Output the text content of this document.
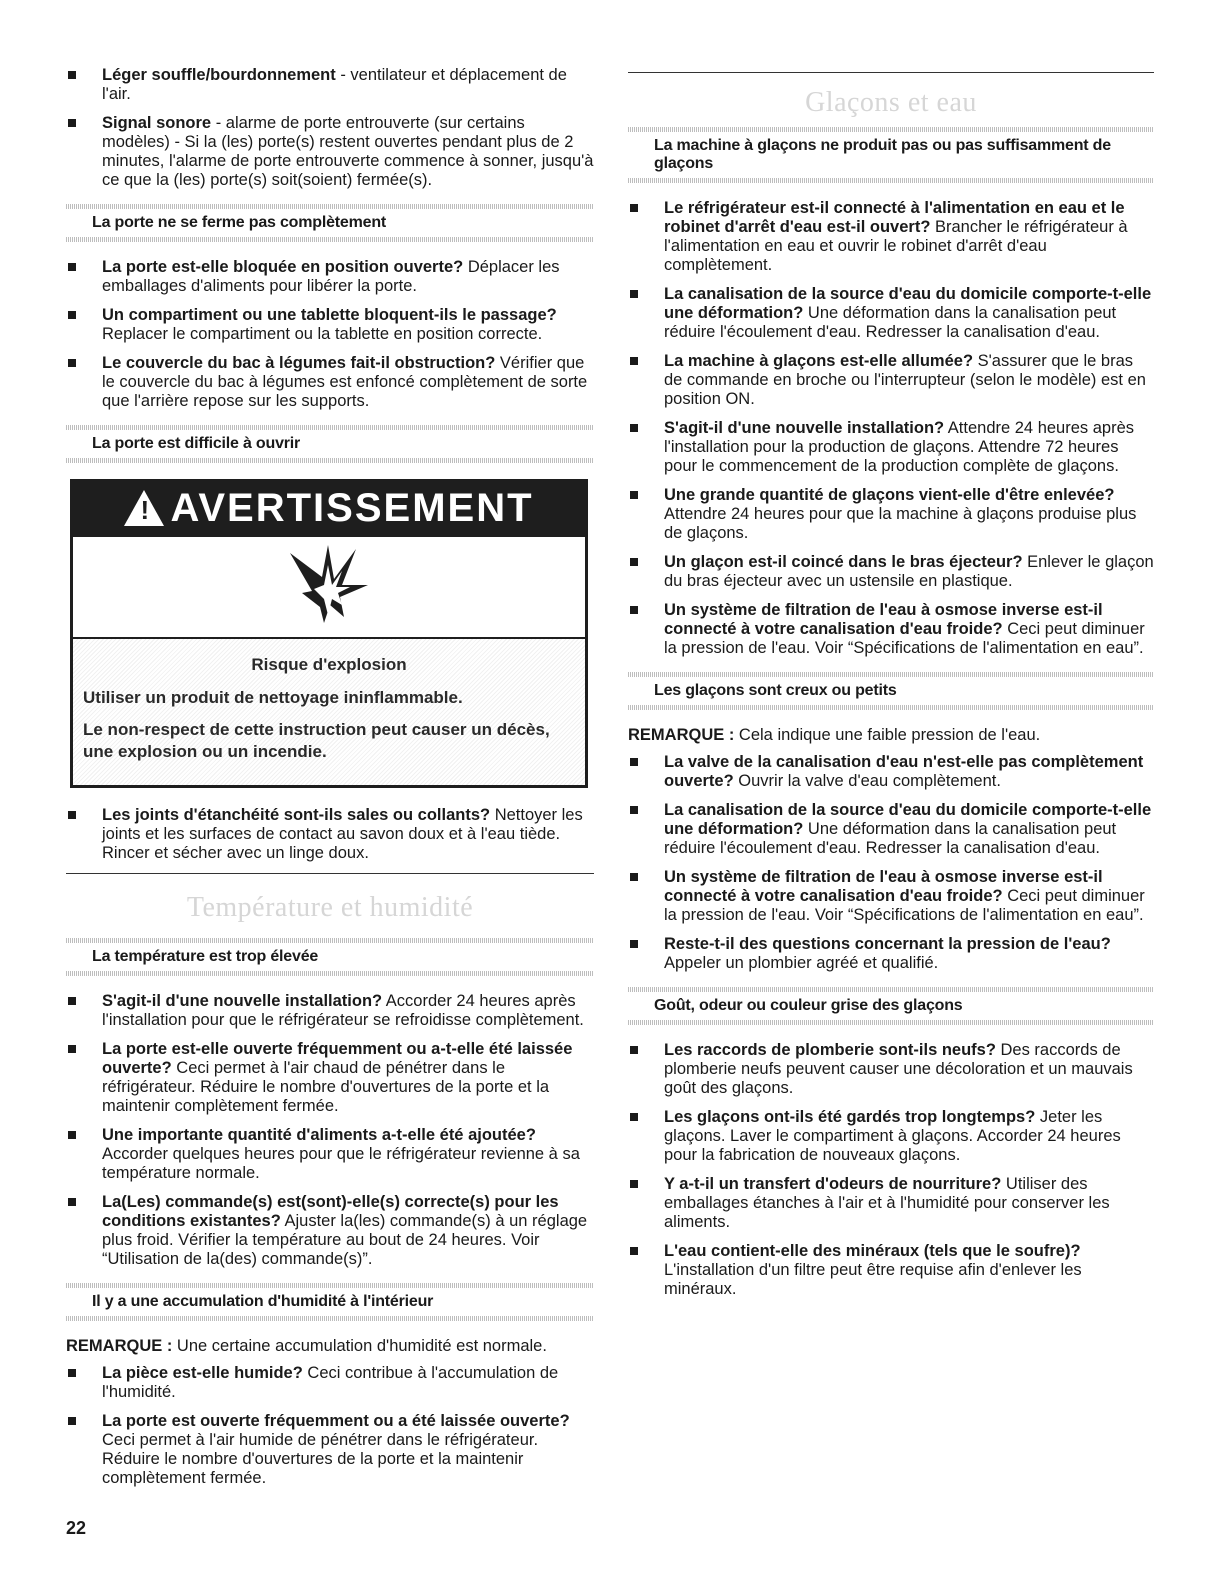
Léger souffle/bourdonnement - ventilateur et déplacement de l'air.
Signal sonore - alarme de porte entrouverte (sur certains modèles) - Si la (les) porte(s) restent ouvertes pendant plus de 2 minutes, l'alarme de porte entrouverte commence à sonner, jusqu'à ce que la (les) porte(s) soit(soient) fermée(s).
La porte ne se ferme pas complètement
La porte est-elle bloquée en position ouverte? Déplacer les emballages d'aliments pour libérer la porte.
Un compartiment ou une tablette bloquent-ils le passage? Replacer le compartiment ou la tablette en position correcte.
Le couvercle du bac à légumes fait-il obstruction? Vérifier que le couvercle du bac à légumes est enfoncé complètement de sorte que l'arrière repose sur les supports.
La porte est difficile à ouvrir
! AVERTISSEMENT
Risque d'explosion
Utiliser un produit de nettoyage ininflammable.
Le non-respect de cette instruction peut causer un décès, une explosion ou un incendie.
Les joints d'étanchéité sont-ils sales ou collants? Nettoyer les joints et les surfaces de contact au savon doux et à l'eau tiède. Rincer et sécher avec un linge doux.
Température et humidité
La température est trop élevée
S'agit-il d'une nouvelle installation? Accorder 24 heures après l'installation pour que le réfrigérateur se refroidisse complètement.
La porte est-elle ouverte fréquemment ou a-t-elle été laissée ouverte? Ceci permet à l'air chaud de pénétrer dans le réfrigérateur. Réduire le nombre d'ouvertures de la porte et la maintenir complètement fermée.
Une importante quantité d'aliments a-t-elle été ajoutée? Accorder quelques heures pour que le réfrigérateur revienne à sa température normale.
La(Les) commande(s) est(sont)-elle(s) correcte(s) pour les conditions existantes? Ajuster la(les) commande(s) à un réglage plus froid. Vérifier la température au bout de 24 heures. Voir “Utilisation de la(des) commande(s)”.
Il y a une accumulation d'humidité à l'intérieur

REMARQUE : Une certaine accumulation d'humidité est normale.

La pièce est-elle humide? Ceci contribue à l'accumulation de l'humidité.
La porte est ouverte fréquemment ou a été laissée ouverte? Ceci permet à l'air humide de pénétrer dans le réfrigérateur. Réduire le nombre d'ouvertures de la porte et la maintenir complètement fermée.
Glaçons et eau
La machine à glaçons ne produit pas ou pas suffisamment de glaçons
Le réfrigérateur est-il connecté à l'alimentation en eau et le robinet d'arrêt d'eau est-il ouvert? Brancher le réfrigérateur à l'alimentation en eau et ouvrir le robinet d'arrêt d'eau complètement.
La canalisation de la source d'eau du domicile comporte-t-elle une déformation? Une déformation dans la canalisation peut réduire l'écoulement d'eau. Redresser la canalisation d'eau.
La machine à glaçons est-elle allumée? S'assurer que le bras de commande en broche ou l'interrupteur (selon le modèle) est en position ON.
S'agit-il d'une nouvelle installation? Attendre 24 heures après l'installation pour la production de glaçons. Attendre 72 heures pour le commencement de la production complète de glaçons.
Une grande quantité de glaçons vient-elle d'être enlevée? Attendre 24 heures pour que la machine à glaçons produise plus de glaçons.
Un glaçon est-il coincé dans le bras éjecteur? Enlever le glaçon du bras éjecteur avec un ustensile en plastique.
Un système de filtration de l'eau à osmose inverse est-il connecté à votre canalisation d'eau froide? Ceci peut diminuer la pression de l'eau. Voir “Spécifications de l'alimentation en eau”.
Les glaçons sont creux ou petits

REMARQUE : Cela indique une faible pression de l'eau.

La valve de la canalisation d'eau n'est-elle pas complètement ouverte? Ouvrir la valve d'eau complètement.
La canalisation de la source d'eau du domicile comporte-t-elle une déformation? Une déformation dans la canalisation peut réduire l'écoulement d'eau. Redresser la canalisation d'eau.
Un système de filtration de l'eau à osmose inverse est-il connecté à votre canalisation d'eau froide? Ceci peut diminuer la pression de l'eau. Voir “Spécifications de l'alimentation en eau”.
Reste-t-il des questions concernant la pression de l'eau? Appeler un plombier agréé et qualifié.
Goût, odeur ou couleur grise des glaçons
Les raccords de plomberie sont-ils neufs? Des raccords de plomberie neufs peuvent causer une décoloration et un mauvais goût des glaçons.
Les glaçons ont-ils été gardés trop longtemps? Jeter les glaçons. Laver le compartiment à glaçons. Accorder 24 heures pour la fabrication de nouveaux glaçons.
Y a-t-il un transfert d'odeurs de nourriture? Utiliser des emballages étanches à l'air et à l'humidité pour conserver les aliments.
L'eau contient-elle des minéraux (tels que le soufre)? L'installation d'un filtre peut être requise afin d'enlever les minéraux.
22
